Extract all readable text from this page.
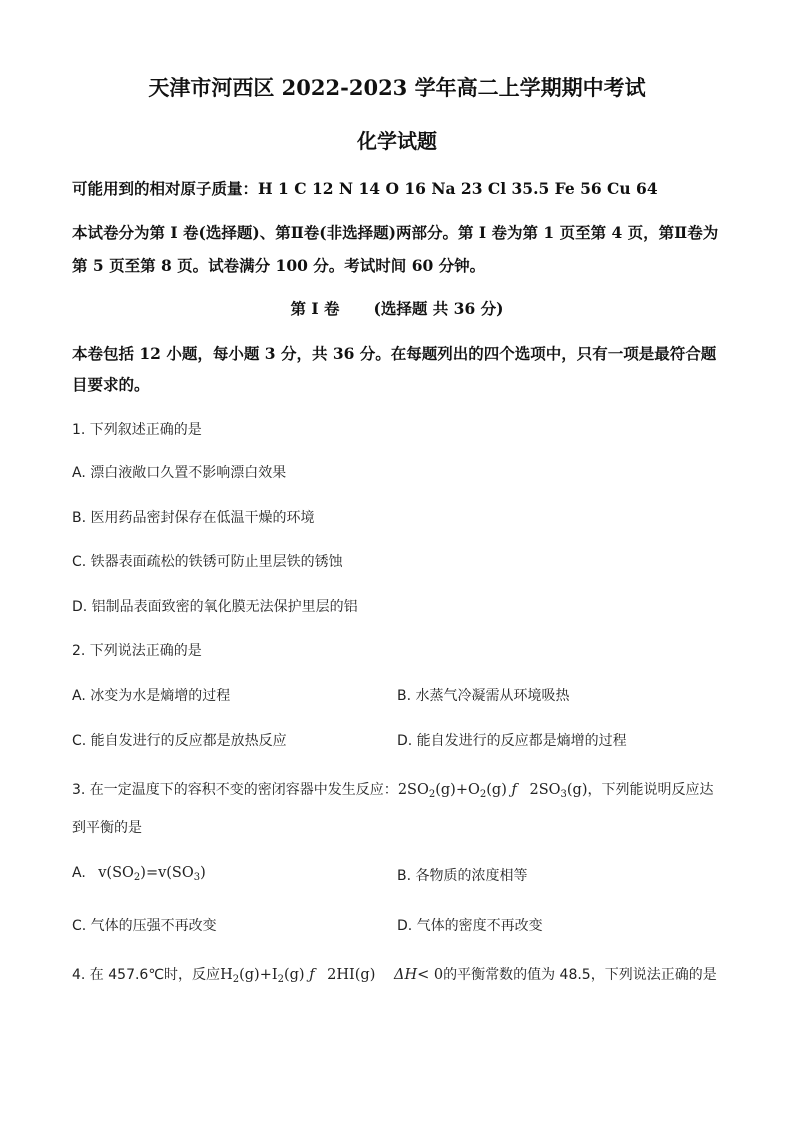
天津市河西区 2022-2023 学年高二上学期期中考试
化学试题
可能用到的相对原子质量：H 1 C 12 N 14 O 16 Na 23 Cl 35.5 Fe 56 Cu 64
本试卷分为第 I 卷(选择题)、第Ⅱ卷(非选择题)两部分。第 I 卷为第 1 页至第 4 页，第Ⅱ卷为
第 5 页至第 8 页。试卷满分 100 分。考试时间 60 分钟。
第 I 卷 (选择题 共 36 分)
本卷包括 12 小题，每小题 3 分，共 36 分。在每题列出的四个选项中，只有一项是最符合题
目要求的。
1. 下列叙述正确的是
A. 漂白液敞口久置不影响漂白效果
B. 医用药品密封保存在低温干燥的环境
C. 铁器表面疏松的铁锈可防止里层铁的锈蚀
D. 铝制品表面致密的氧化膜无法保护里层的铝
2. 下列说法正确的是
A. 冰变为水是熵增的过程	B. 水蒸气冷凝需从环境吸热
C. 能自发进行的反应都是放热反应	D. 能自发进行的反应都是熵增的过程
3. 在一定温度下的容积不变的密闭容器中发生反应：$2SO_2(g)+O_2(g)$ ƒ $2SO_3(g)$，下列能说明反应达
到平衡的是
A. $v(SO_2)=v(SO_3)$	B. 各物质的浓度相等
C. 气体的压强不再改变	D. 气体的密度不再改变
4. 在 457.6℃时，反应$H_2(g)+I_2(g)$ ƒ 2HI(g) ΔH< 0的平衡常数的值为 48.5，下列说法正确的是
